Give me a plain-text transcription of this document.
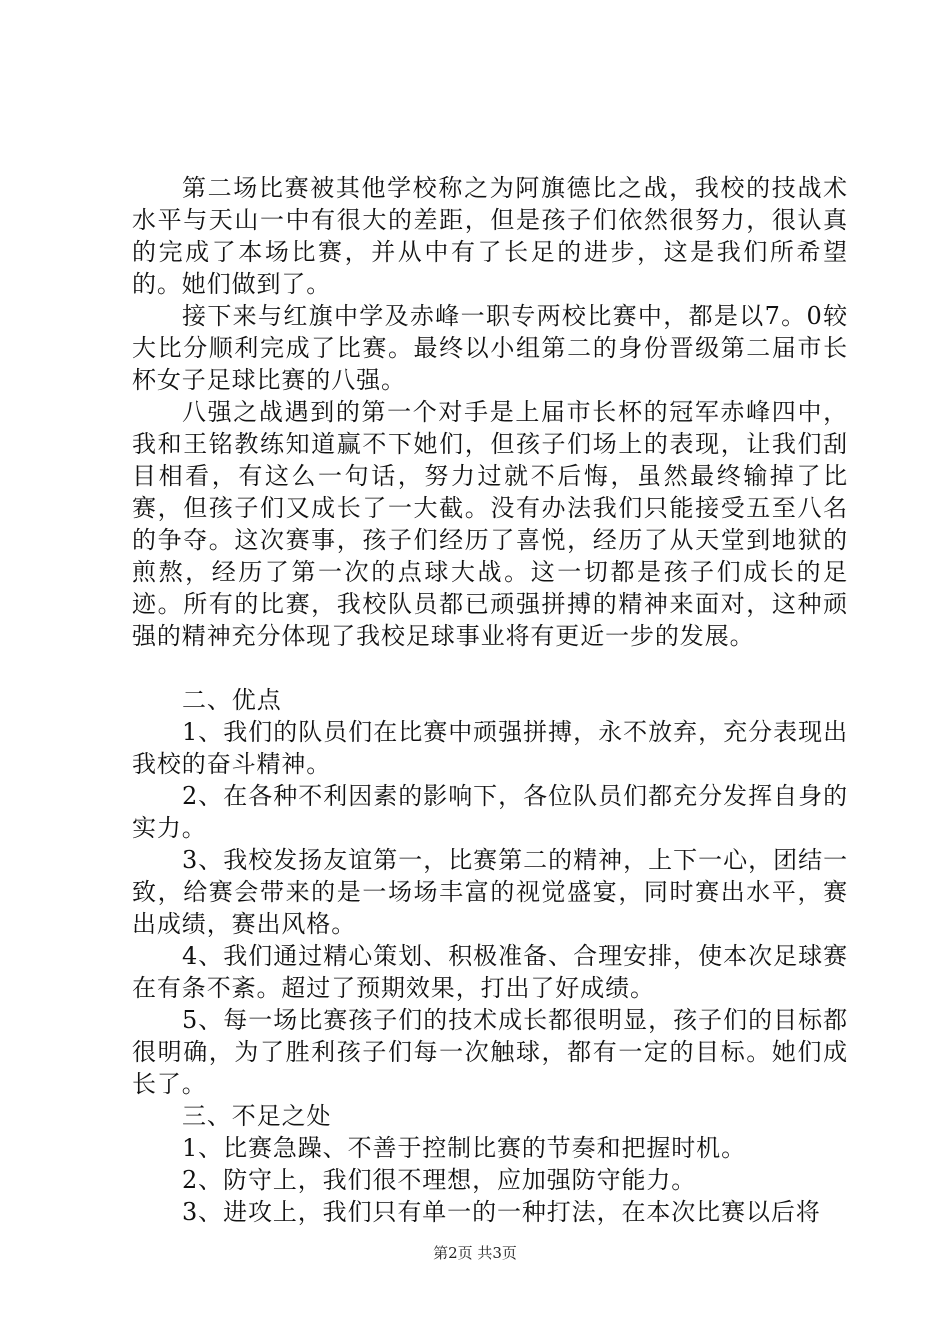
第二场比赛被其他学校称之为阿旗德比之战，我校的技战术水平与天山一中有很大的差距，但是孩子们依然很努力，很认真的完成了本场比赛，并从中有了长足的进步，这是我们所希望的。她们做到了。

接下来与红旗中学及赤峰一职专两校比赛中，都是以7。0较大比分顺利完成了比赛。最终以小组第二的身份晋级第二届市长杯女子足球比赛的八强。

八强之战遇到的第一个对手是上届市长杯的冠军赤峰四中，我和王铭教练知道赢不下她们，但孩子们场上的表现，让我们刮目相看，有这么一句话，努力过就不后悔，虽然最终输掉了比赛，但孩子们又成长了一大截。没有办法我们只能接受五至八名的争夺。这次赛事，孩子们经历了喜悦，经历了从天堂到地狱的煎熬，经历了第一次的点球大战。这一切都是孩子们成长的足迹。所有的比赛，我校队员都已顽强拼搏的精神来面对，这种顽强的精神充分体现了我校足球事业将有更近一步的发展。

二、优点

1、我们的队员们在比赛中顽强拼搏，永不放弃，充分表现出我校的奋斗精神。

2、在各种不利因素的影响下，各位队员们都充分发挥自身的实力。

3、我校发扬友谊第一，比赛第二的精神，上下一心，团结一致，给赛会带来的是一场场丰富的视觉盛宴，同时赛出水平，赛出成绩，赛出风格。

4、我们通过精心策划、积极准备、合理安排，使本次足球赛在有条不紊。超过了预期效果，打出了好成绩。

5、每一场比赛孩子们的技术成长都很明显，孩子们的目标都很明确，为了胜利孩子们每一次触球，都有一定的目标。她们成长了。

三、不足之处

1、比赛急躁、不善于控制比赛的节奏和把握时机。

2、防守上，我们很不理想，应加强防守能力。

3、进攻上，我们只有单一的一种打法，在本次比赛以后将

第2页 共3页
